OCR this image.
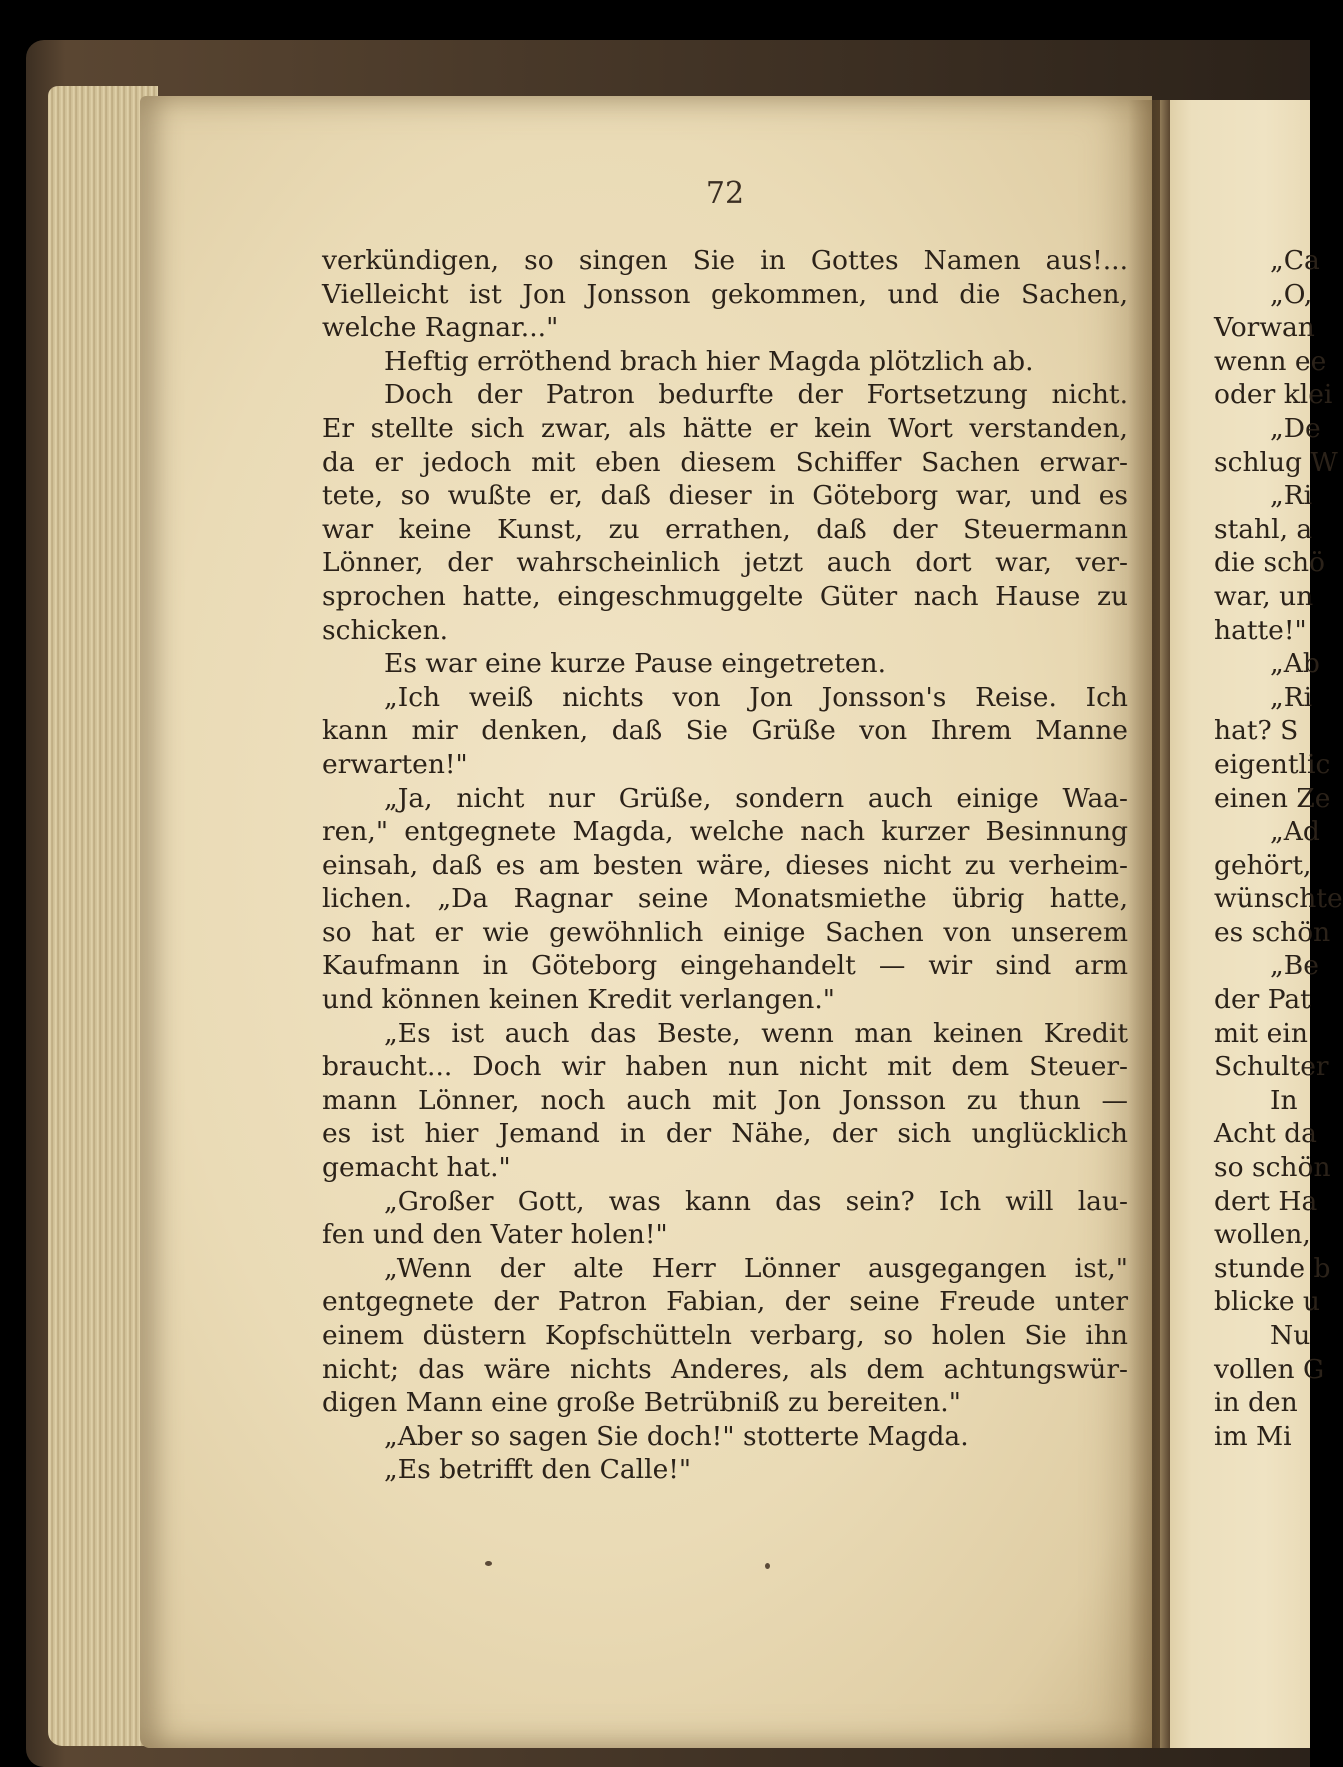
72
verkündigen, so singen Sie in Gottes Namen aus!...
Vielleicht ist Jon Jonsson gekommen, und die Sachen,
welche Ragnar..."
Heftig erröthend brach hier Magda plötzlich ab.
Doch der Patron bedurfte der Fortsetzung nicht.
Er stellte sich zwar, als hätte er kein Wort verstanden,
da er jedoch mit eben diesem Schiffer Sachen erwar-
tete, so wußte er, daß dieser in Göteborg war, und es
war keine Kunst, zu errathen, daß der Steuermann
Lönner, der wahrscheinlich jetzt auch dort war, ver-
sprochen hatte, eingeschmuggelte Güter nach Hause zu
schicken.
Es war eine kurze Pause eingetreten.
„Ich weiß nichts von Jon Jonsson's Reise. Ich
kann mir denken, daß Sie Grüße von Ihrem Manne
erwarten!"
„Ja, nicht nur Grüße, sondern auch einige Waa-
ren," entgegnete Magda, welche nach kurzer Besinnung
einsah, daß es am besten wäre, dieses nicht zu verheim-
lichen. „Da Ragnar seine Monatsmiethe übrig hatte,
so hat er wie gewöhnlich einige Sachen von unserem
Kaufmann in Göteborg eingehandelt — wir sind arm
und können keinen Kredit verlangen."
„Es ist auch das Beste, wenn man keinen Kredit
braucht... Doch wir haben nun nicht mit dem Steuer-
mann Lönner, noch auch mit Jon Jonsson zu thun —
es ist hier Jemand in der Nähe, der sich unglücklich
gemacht hat."
„Großer Gott, was kann das sein? Ich will lau-
fen und den Vater holen!"
„Wenn der alte Herr Lönner ausgegangen ist,"
entgegnete der Patron Fabian, der seine Freude unter
einem düstern Kopfschütteln verbarg, so holen Sie ihn
nicht; das wäre nichts Anderes, als dem achtungswür-
digen Mann eine große Betrübniß zu bereiten."
„Aber so sagen Sie doch!" stotterte Magda.
„Es betrifft den Calle!"
„Ca
„O,
Vorwan
wenn ee
oder klei
„De
schlug W
„Ri
stahl, a
die schö
war, un
hatte!"
„Ab
„Ri
hat? S
eigentlic
einen Ze
„Ad
gehört,
wünschte
es schön
„Be
der Pat
mit ein
Schulter
In
Acht da
so schön
dert Ha
wollen,
stunde b
blicke u
Nu
vollen G
in den
im Mi
